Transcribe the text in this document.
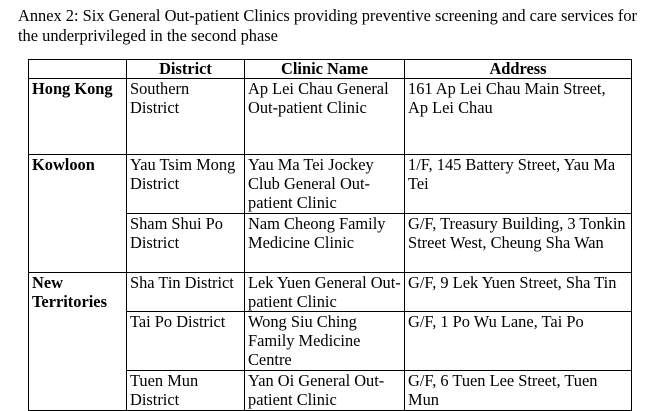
Annex 2: Six General Out-patient Clinics providing preventive screening and care services for the underprivileged in the second phase
	District	Clinic Name	Address
Hong Kong	Southern District	Ap Lei Chau General Out-patient Clinic	161 Ap Lei Chau Main Street, Ap Lei Chau
Kowloon	Yau Tsim Mong District	Yau Ma Tei Jockey Club General Out-patient Clinic	1/F, 145 Battery Street, Yau Ma Tei
	Sham Shui Po District	Nam Cheong Family Medicine Clinic	G/F, Treasury Building, 3 Tonkin Street West, Cheung Sha Wan
New Territories	Sha Tin District	Lek Yuen General Out-patient Clinic	G/F, 9 Lek Yuen Street, Sha Tin
	Tai Po District	Wong Siu Ching Family Medicine Centre	G/F, 1 Po Wu Lane, Tai Po
	Tuen Mun District	Yan Oi General Out-patient Clinic	G/F, 6 Tuen Lee Street, Tuen Mun
